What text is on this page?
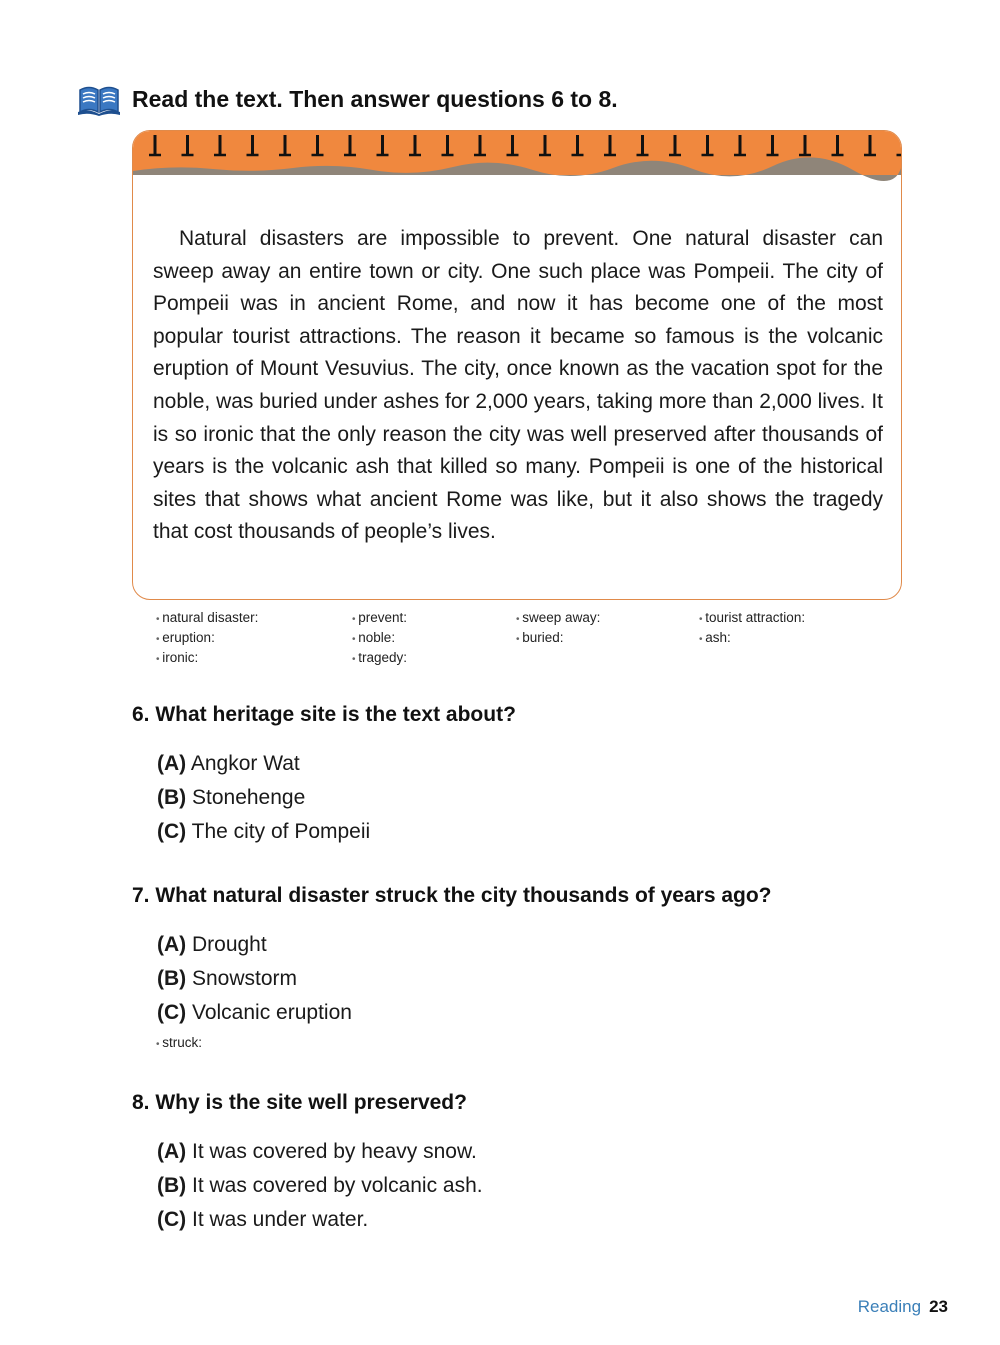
Read the text. Then answer questions 6 to 8.
Natural disasters are impossible to prevent. One natural disaster can sweep away an entire town or city. One such place was Pompeii. The city of Pompeii was in ancient Rome, and now it has become one of the most popular tourist attractions. The reason it became so famous is the volcanic eruption of Mount Vesuvius. The city, once known as the vacation spot for the noble, was buried under ashes for 2,000 years, taking more than 2,000 lives. It is so ironic that the only reason the city was well preserved after thousands of years is the volcanic ash that killed so many. Pompeii is one of the historical sites that shows what ancient Rome was like, but it also shows the tragedy that cost thousands of people’s lives.
• natural disaster:	• prevent:	• sweep away:	• tourist attraction:
• eruption:	• noble:	• buried:	• ash:
• ironic:	• tragedy:
6. What heritage site is the text about?
(A) Angkor Wat
(B) Stonehenge
(C) The city of Pompeii
7. What natural disaster struck the city thousands of years ago?
(A) Drought
(B) Snowstorm
(C) Volcanic eruption
• struck:
8. Why is the site well preserved?
(A) It was covered by heavy snow.
(B) It was covered by volcanic ash.
(C) It was under water.
Reading 23
